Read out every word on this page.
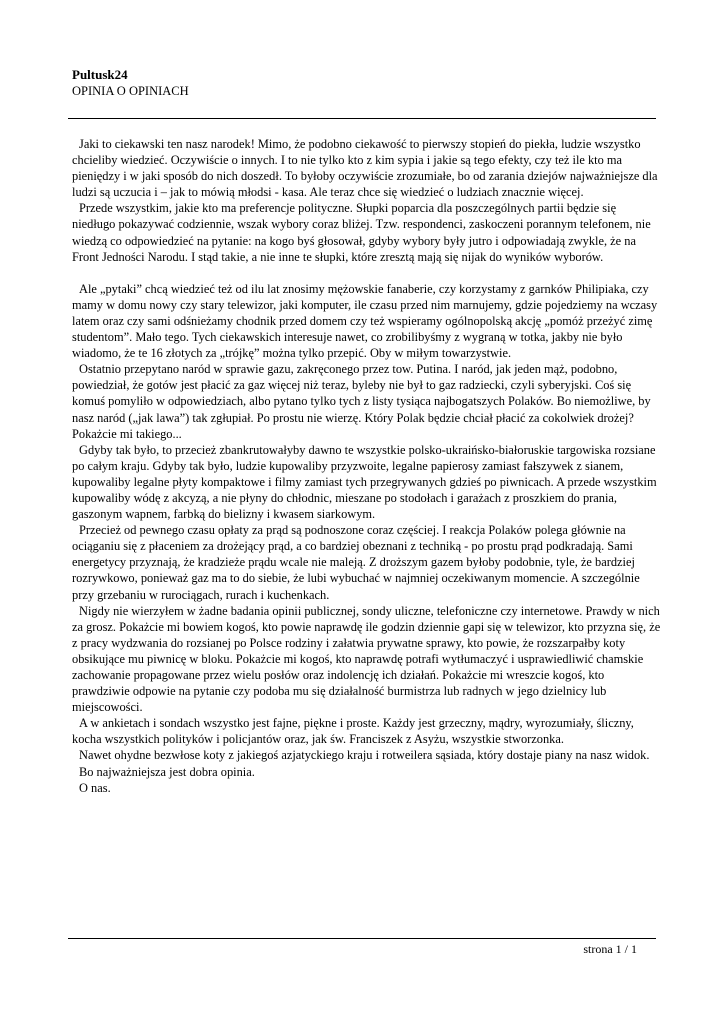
Pultusk24
OPINIA O OPINIACH

Jaki to ciekawski ten nasz narodek! Mimo, że podobno ciekawość to pierwszy stopień do piekła, ludzie wszystko chcieliby wiedzieć. Oczywiście o innych. I to nie tylko kto z kim sypia i jakie są tego efekty, czy też ile kto ma pieniędzy i w jaki sposób do nich doszedł. To byłoby oczywiście zrozumiałe, bo od zarania dziejów najważniejsze dla ludzi są uczucia i – jak to mówią młodsi - kasa. Ale teraz chce się wiedzieć o ludziach znacznie więcej.

Przede wszystkim, jakie kto ma preferencje polityczne. Słupki poparcia dla poszczególnych partii będzie się niedługo pokazywać codziennie, wszak wybory coraz bliżej. Tzw. respondenci, zaskoczeni porannym telefonem, nie wiedzą co odpowiedzieć na pytanie: na kogo byś głosował, gdyby wybory były jutro i odpowiadają zwykle, że na Front Jedności Narodu. I stąd takie, a nie inne te słupki, które zresztą mają się nijak do wyników wyborów.

Ale „pytaki” chcą wiedzieć też od ilu lat znosimy mężowskie fanaberie, czy korzystamy z garnków Philipiaka, czy mamy w domu nowy czy stary telewizor, jaki komputer, ile czasu przed nim marnujemy, gdzie pojedziemy na wczasy latem oraz czy sami odśnieżamy chodnik przed domem czy też wspieramy ogólnopolską akcję „pomóż przeżyć zimę studentom”. Mało tego. Tych ciekawskich interesuje nawet, co zrobilibyśmy z wygraną w totka, jakby nie było wiadomo, że te 16 złotych za „trójkę” można tylko przepić. Oby w miłym towarzystwie.

Ostatnio przepytano naród w sprawie gazu, zakręconego przez tow. Putina. I naród, jak jeden mąż, podobno, powiedział, że gotów jest płacić za gaz więcej niż teraz, byleby nie był to gaz radziecki, czyli syberyjski. Coś się komuś pomyliło w odpowiedziach, albo pytano tylko tych z listy tysiąca najbogatszych Polaków. Bo niemożliwe, by nasz naród („jak lawa”) tak zgłupiał. Po prostu nie wierzę. Który Polak będzie chciał płacić za cokolwiek drożej? Pokażcie mi takiego...

Gdyby tak było, to przecież zbankrutowałyby dawno te wszystkie polsko-ukraińsko-białoruskie targowiska rozsiane po całym kraju. Gdyby tak było, ludzie kupowaliby przyzwoite, legalne papierosy zamiast fałszywek z sianem, kupowaliby legalne płyty kompaktowe i filmy zamiast tych przegrywanych gdzieś po piwnicach. A przede wszystkim kupowaliby wódę z akcyzą, a nie płyny do chłodnic, mieszane po stodołach i garażach z proszkiem do prania, gaszonym wapnem, farbką do bielizny i kwasem siarkowym.

Przecież od pewnego czasu opłaty za prąd są podnoszone coraz częściej. I reakcja Polaków polega głównie na ociąganiu się z płaceniem za drożejący prąd, a co bardziej obeznani z techniką - po prostu prąd podkradają. Sami energetycy przyznają, że kradzieże prądu wcale nie maleją. Z droższym gazem byłoby podobnie, tyle, że bardziej rozrywkowo, ponieważ gaz ma to do siebie, że lubi wybuchać w najmniej oczekiwanym momencie. A szczególnie przy grzebaniu w rurociągach, rurach i kuchenkach.

Nigdy nie wierzyłem w żadne badania opinii publicznej, sondy uliczne, telefoniczne czy internetowe. Prawdy w nich za grosz. Pokażcie mi bowiem kogoś, kto powie naprawdę ile godzin dziennie gapi się w telewizor, kto przyzna się, że z pracy wydzwania do rozsianej po Polsce rodziny i załatwia prywatne sprawy, kto powie, że rozszarpałby koty obsikujące mu piwnicę w bloku. Pokażcie mi kogoś, kto naprawdę potrafi wytłumaczyć i usprawiedliwić chamskie zachowanie propagowane przez wielu posłów oraz indolencję ich działań. Pokażcie mi wreszcie kogoś, kto prawdziwie odpowie na pytanie czy podoba mu się działalność burmistrza lub radnych w jego dzielnicy lub miejscowości.

A w ankietach i sondach wszystko jest fajne, piękne i proste. Każdy jest grzeczny, mądry, wyrozumiały, śliczny, kocha wszystkich polityków i policjantów oraz, jak św. Franciszek z Asyżu, wszystkie stworzonka.

Nawet ohydne bezwłose koty z jakiegoś azjatyckiego kraju i rotweilera sąsiada, który dostaje piany na nasz widok.

Bo najważniejsza jest dobra opinia.

O nas.

strona 1 / 1
